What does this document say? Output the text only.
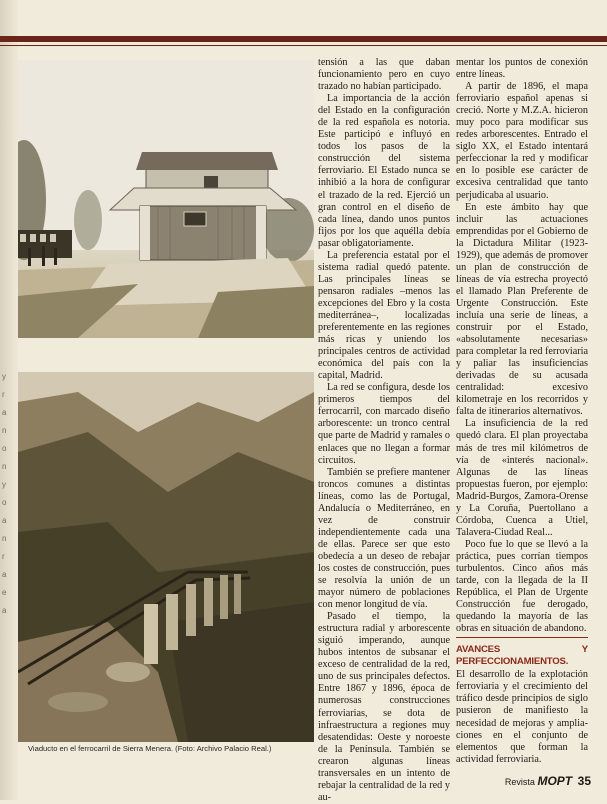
y
r
a
n
o
n
y
o
a
n
r
a
e
a
Viaducto en el ferrocarril de Sierra Menera. (Foto: Archivo Palacio Real.)

tensión a las que daban funcionamiento pero en cuyo trazado no habían participado.

La importancia de la acción del Estado en la configuración de la red española es notoria. Este participó e influyó en todos los pasos de la construcción del sistema ferroviario. El Estado nunca se inhibió a la hora de configurar el trazado de la red. Ejerció un gran control en el diseño de cada línea, dando unos puntos fijos por los que aquélla debía pasar obligatoriamente.

La preferencia estatal por el sistema radial quedó patente. Las principales líneas se pensaron radiales –menos las excepciones del Ebro y la costa mediterránea–, localizadas preferentemente en las regiones más ricas y uniendo los principales centros de actividad económica del país con la capital, Madrid.

La red se configura, desde los primeros tiempos del ferrocarril, con marcado diseño arborescente: un tronco central que parte de Madrid y ramales o enlaces que no llegan a formar circuitos.

También se prefiere mantener troncos comunes a distintas líneas, como las de Portugal, Andalucía o Mediterráneo, en vez de construir independientemente cada una de ellas. Parece ser que esto obedecía a un deseo de rebajar los costes de construcción, pues se resolvía la unión de un mayor número de poblaciones con menor longitud de vía.

Pasado el tiempo, la estructura radial y arborescente siguió imperando, aunque hubos intentos de subsanar el exceso de centralidad de la red, uno de sus principales defectos. Entre 1867 y 1896, época de numerosas construcciones ferroviarias, se dota de infraestructura a regiones muy desatendidas: Oeste y noroeste de la Península. También se crearon algunas líneas transversales en un intento de rebajar la centralidad de la red y au-

mentar los puntos de conexión entre líneas.

A partir de 1896, el mapa ferroviario español apenas si creció. Norte y M.Z.A. hicieron muy poco para modificar sus redes arborescentes. Entrado el siglo XX, el Estado intentará perfeccionar la red y modificar en lo posible ese carácter de excesiva centralidad que tanto perjudicaba al usuario.

En este ámbito hay que incluir las actuaciones emprendidas por el Gobierno de la Dictadura Militar (1923-1929), que además de promover un plan de construcción de líneas de vía estrecha proyectó el llamado Plan Preferente de Urgente Construcción. Este incluía una serie de líneas, a construir por el Estado, «absolutamente necesarias» para completar la red ferroviaria y paliar las insuficiencias derivadas de su acusada centralidad: excesivo kilometraje en los recorridos y falta de itinerarios alternativos.

La insuficiencia de la red quedó clara. El plan proyectaba más de tres mil kilómetros de vía de «interés nacional». Algunas de las líneas propuestas fueron, por ejemplo: Madrid-Burgos, Zamora-Orense y La Coruña, Puertollano a Córdoba, Cuenca a Utiel, Talavera-Ciudad Real...

Poco fue lo que se llevó a la práctica, pues corrían tiempos turbulentos. Cinco años más tarde, con la llegada de la II República, el Plan de Urgente Construcción fue derogado, quedando la mayoría de las obras en situación de abandono.

AVANCES Y PERFECCIONAMIENTOS.

El desarrollo de la explotación ferroviaria y el crecimiento del tráfico desde principios de siglo pusieron de manifiesto la necesidad de mejoras y amplia- ciones en el conjunto de elementos que forman la actividad ferroviaria.

Revista MOPT 35
